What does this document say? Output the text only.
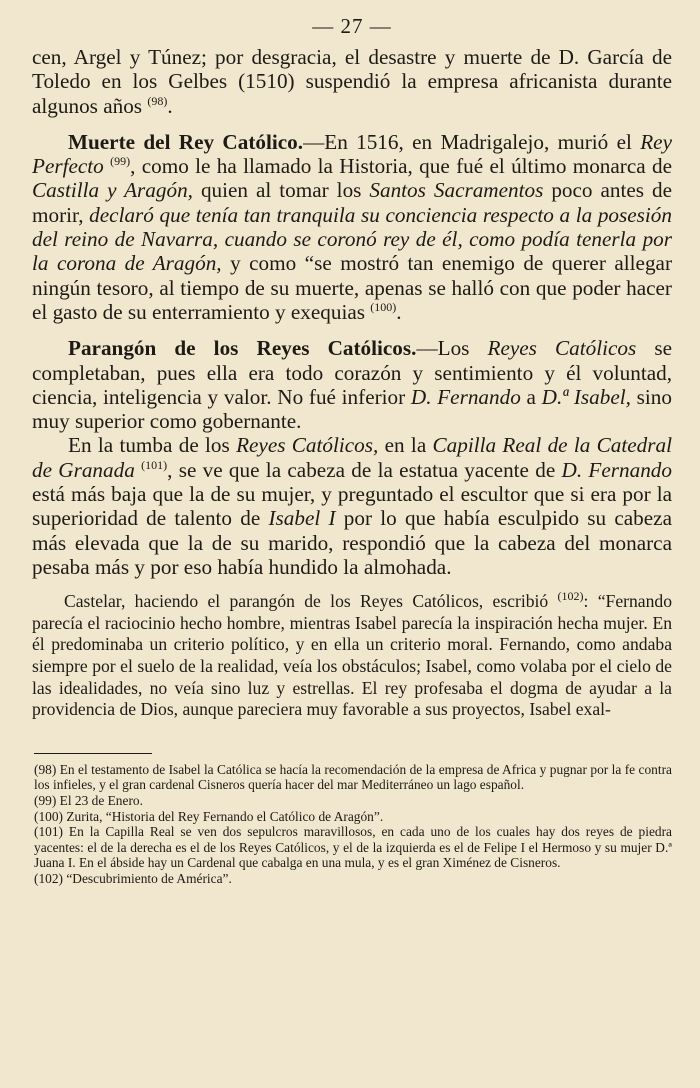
— 27 —

cen, Argel y Túnez; por desgracia, el desastre y muerte de D. García de Toledo en los Gelbes (1510) suspendió la empresa africanista durante algunos años $^{(98)}$.

Muerte del Rey Católico.—En 1516, en Madrigalejo, murió el Rey Perfecto $^{(99)}$, como le ha llamado la Historia, que fué el último monarca de Castilla y Aragón, quien al tomar los Santos Sacramentos poco antes de morir, declaró que tenía tan tranquila su conciencia respecto a la posesión del reino de Navarra, cuando se coronó rey de él, como podía tenerla por la corona de Aragón, y como “se mostró tan enemigo de querer allegar ningún tesoro, al tiempo de su muerte, apenas se halló con que poder hacer el gasto de su enterramiento y exequias $^{(100)}$.

Parangón de los Reyes Católicos.—Los Reyes Católicos se completaban, pues ella era todo corazón y sentimiento y él voluntad, ciencia, inteligencia y valor. No fué inferior D. Fernando a D.ª Isabel, sino muy superior como gobernante.

En la tumba de los Reyes Católicos, en la Capilla Real de la Catedral de Granada $^{(101)}$, se ve que la cabeza de la estatua yacente de D. Fernando está más baja que la de su mujer, y preguntado el escultor que si era por la superioridad de talento de Isabel I por lo que había esculpido su cabeza más elevada que la de su marido, respondió que la cabeza del monarca pesaba más y por eso había hundido la almohada.

Castelar, haciendo el parangón de los Reyes Católicos, escribió $^{(102)}$: “Fernando parecía el raciocinio hecho hombre, mientras Isabel parecía la inspiración hecha mujer. En él predominaba un criterio político, y en ella un criterio moral. Fernando, como andaba siempre por el suelo de la realidad, veía los obstáculos; Isabel, como volaba por el cielo de las idealidades, no veía sino luz y estrellas. El rey profesaba el dogma de ayudar a la providencia de Dios, aunque pareciera muy favorable a sus proyectos, Isabel exal-

(98) En el testamento de Isabel la Católica se hacía la recomendación de la empresa de Africa y pugnar por la fe contra los infieles, y el gran cardenal Cisneros quería hacer del mar Mediterráneo un lago español.

(99) El 23 de Enero.

(100) Zurita, “Historia del Rey Fernando el Católico de Aragón”.

(101) En la Capilla Real se ven dos sepulcros maravillosos, en cada uno de los cuales hay dos reyes de piedra yacentes: el de la derecha es el de los Reyes Católicos, y el de la izquierda es el de Felipe I el Hermoso y su mujer D.ª Juana I. En el ábside hay un Cardenal que cabalga en una mula, y es el gran Ximénez de Cisneros.

(102) “Descubrimiento de América”.
